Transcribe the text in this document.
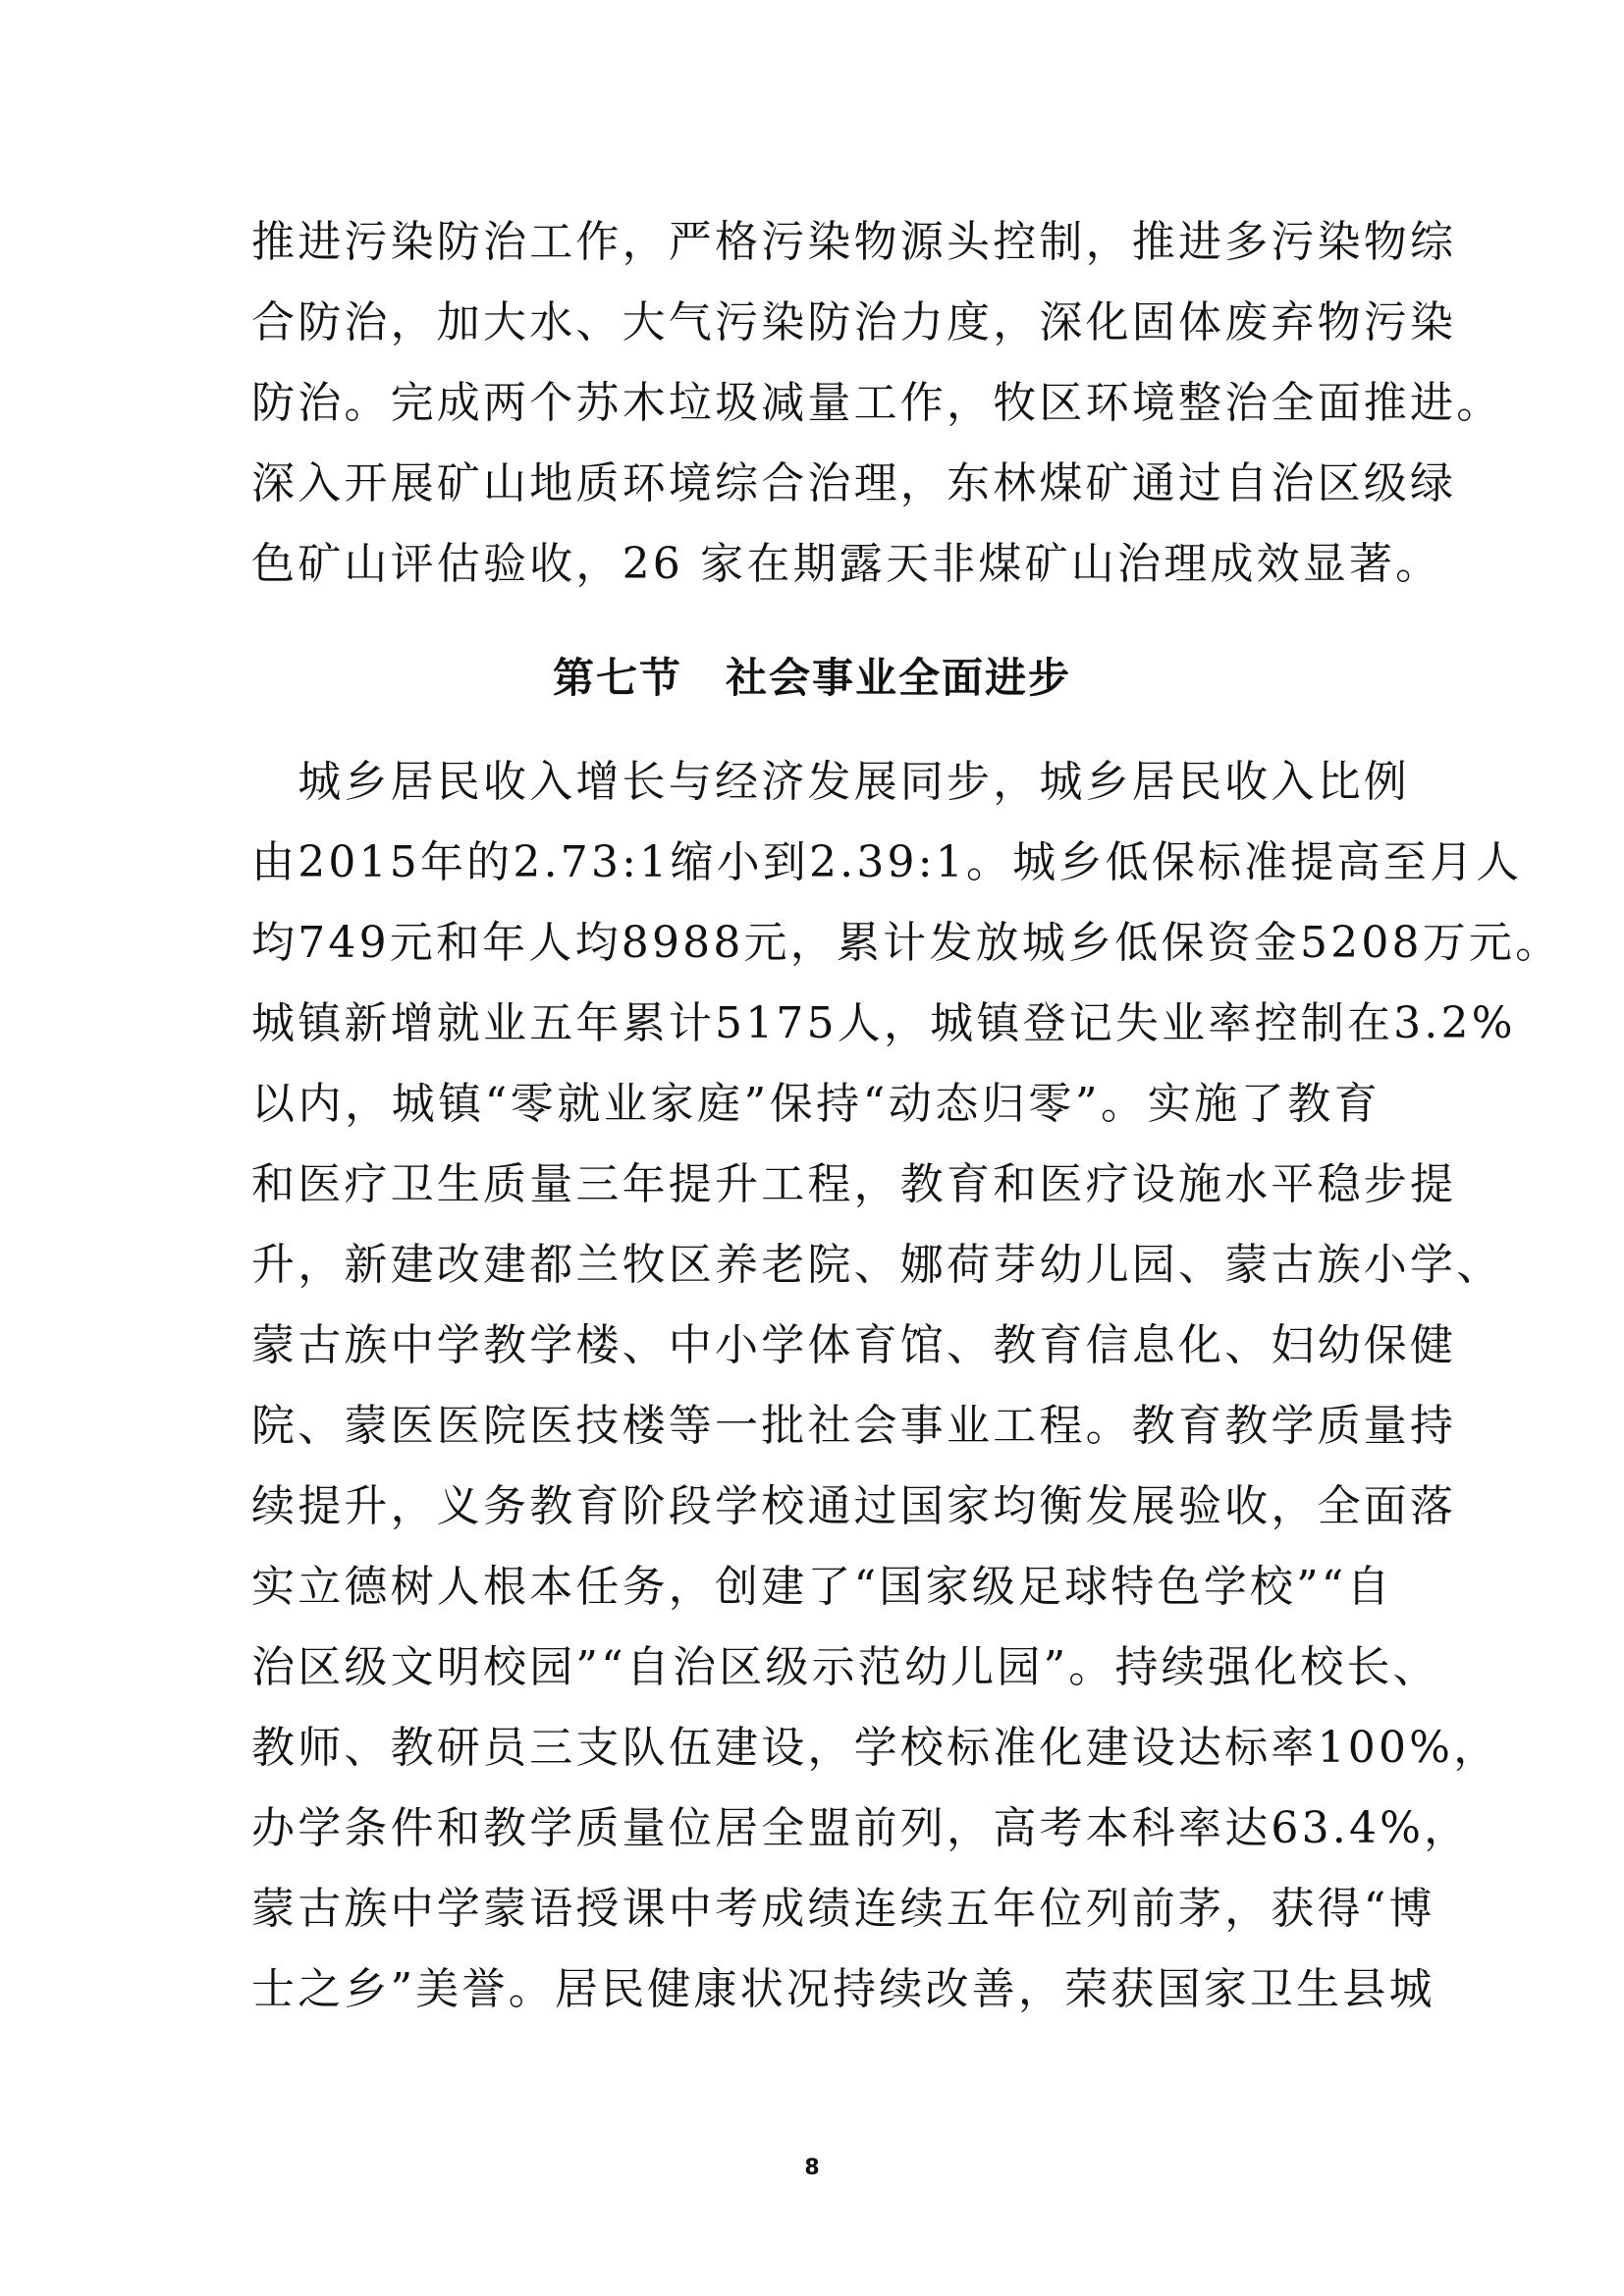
推进污染防治工作，严格污染物源头控制，推进多污染物综
合防治，加大水、大气污染防治力度，深化固体废弃物污染
防治。完成两个苏木垃圾减量工作，牧区环境整治全面推进。
深入开展矿山地质环境综合治理，东林煤矿通过自治区级绿
色矿山评估验收，26 家在期露天非煤矿山治理成效显著。
第七节　社会事业全面进步
　城乡居民收入增长与经济发展同步，城乡居民收入比例
由2015年的2.73:1缩小到2.39:1。城乡低保标准提高至月人
均749元和年人均8988元，累计发放城乡低保资金5208万元。
城镇新增就业五年累计5175人，城镇登记失业率控制在3.2%
以内，城镇“零就业家庭”保持“动态归零”。实施了教育
和医疗卫生质量三年提升工程，教育和医疗设施水平稳步提
升，新建改建都兰牧区养老院、娜荷芽幼儿园、蒙古族小学、
蒙古族中学教学楼、中小学体育馆、教育信息化、妇幼保健
院、蒙医医院医技楼等一批社会事业工程。教育教学质量持
续提升，义务教育阶段学校通过国家均衡发展验收，全面落
实立德树人根本任务，创建了“国家级足球特色学校”“自
治区级文明校园”“自治区级示范幼儿园”。持续强化校长、
教师、教研员三支队伍建设，学校标准化建设达标率100%，
办学条件和教学质量位居全盟前列，高考本科率达63.4%，
蒙古族中学蒙语授课中考成绩连续五年位列前茅，获得“博
士之乡”美誉。居民健康状况持续改善，荣获国家卫生县城
8
